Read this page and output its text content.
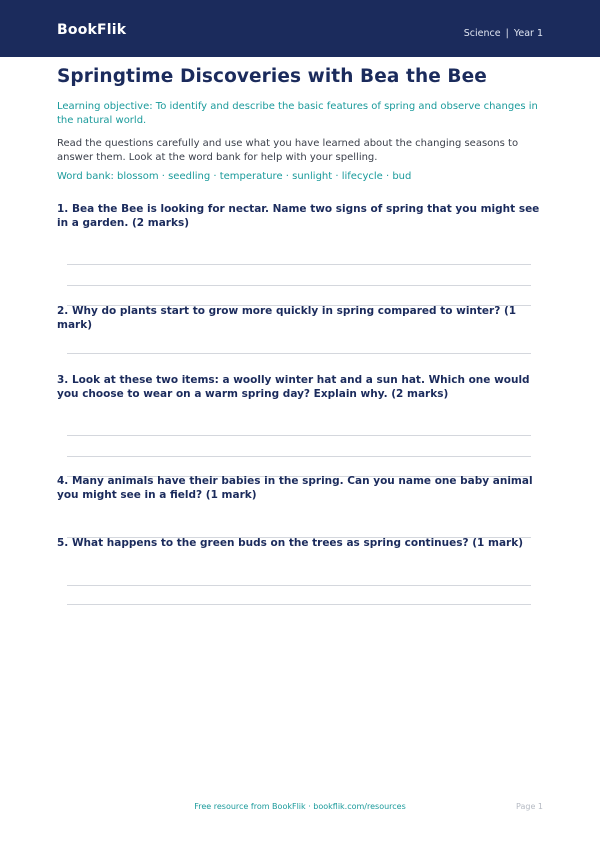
BookFlik	Science | Year 1
Springtime Discoveries with Bea the Bee
Learning objective: To identify and describe the basic features of spring and observe changes in the natural world.
Read the questions carefully and use what you have learned about the changing seasons to answer them. Look at the word bank for help with your spelling.
Word bank: blossom · seedling · temperature · sunlight · lifecycle · bud
1. Bea the Bee is looking for nectar. Name two signs of spring that you might see in a garden. (2 marks)
2. Why do plants start to grow more quickly in spring compared to winter? (1 mark)
3. Look at these two items: a woolly winter hat and a sun hat. Which one would you choose to wear on a warm spring day? Explain why. (2 marks)
4. Many animals have their babies in the spring. Can you name one baby animal you might see in a field? (1 mark)
5. What happens to the green buds on the trees as spring continues? (1 mark)
Free resource from BookFlik · bookflik.com/resources	Page 1
